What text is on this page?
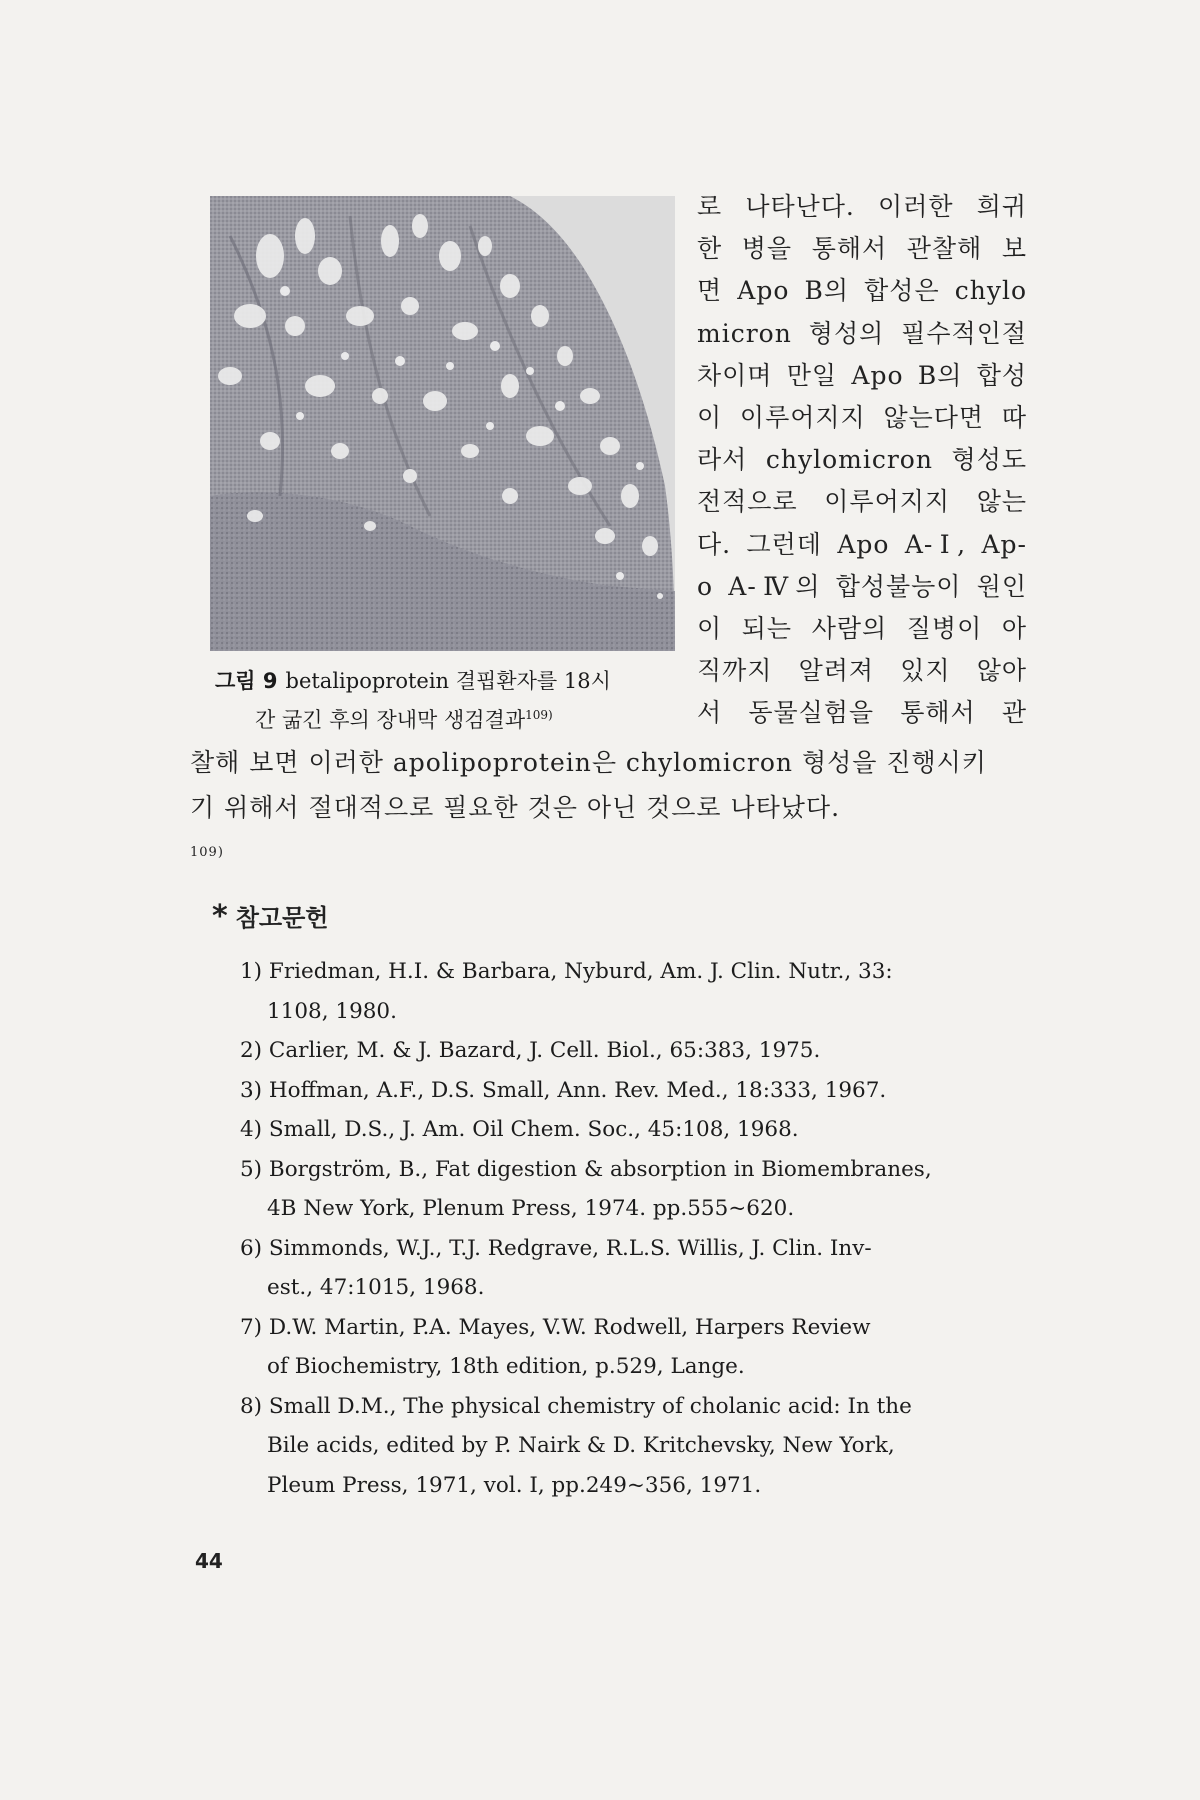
그림 9 betalipoprotein 결핍환자를 18시
간 굶긴 후의 장내막 생검결과$^{109)}$
로 나타난다. 이러한 희귀
한 병을 통해서 관찰해 보
면 Apo B의 합성은 chylo
micron 형성의 필수적인절
차이며 만일 Apo B의 합성
이 이루어지지 않는다면 따
라서 chylomicron 형성도
전적으로 이루어지지 않는
다. 그런데 Apo A-Ⅰ, Ap-
o A-Ⅳ의 합성불능이 원인
이 되는 사람의 질병이 아
직까지 알려져 있지 않아
서 동물실험을 통해서 관
찰해 보면 이러한 apolipoprotein은 chylomicron 형성을 진행시키
기 위해서 절대적으로 필요한 것은 아닌 것으로 나타났다.
$^{109)}$
* 참고문헌
1) Friedman, H.I. & Barbara, Nyburd, Am. J. Clin. Nutr., 33:
1108, 1980.
2) Carlier, M. & J. Bazard, J. Cell. Biol., 65:383, 1975.
3) Hoffman, A.F., D.S. Small, Ann. Rev. Med., 18:333, 1967.
4) Small, D.S., J. Am. Oil Chem. Soc., 45:108, 1968.
5) Borgström, B., Fat digestion & absorption in Biomembranes,
4B New York, Plenum Press, 1974. pp.555~620.
6) Simmonds, W.J., T.J. Redgrave, R.L.S. Willis, J. Clin. Inv-
est., 47:1015, 1968.
7) D.W. Martin, P.A. Mayes, V.W. Rodwell, Harpers Review
of Biochemistry, 18th edition, p.529, Lange.
8) Small D.M., The physical chemistry of cholanic acid: In the
Bile acids, edited by P. Nairk & D. Kritchevsky, New York,
Pleum Press, 1971, vol. Ⅰ, pp.249~356, 1971.
44
